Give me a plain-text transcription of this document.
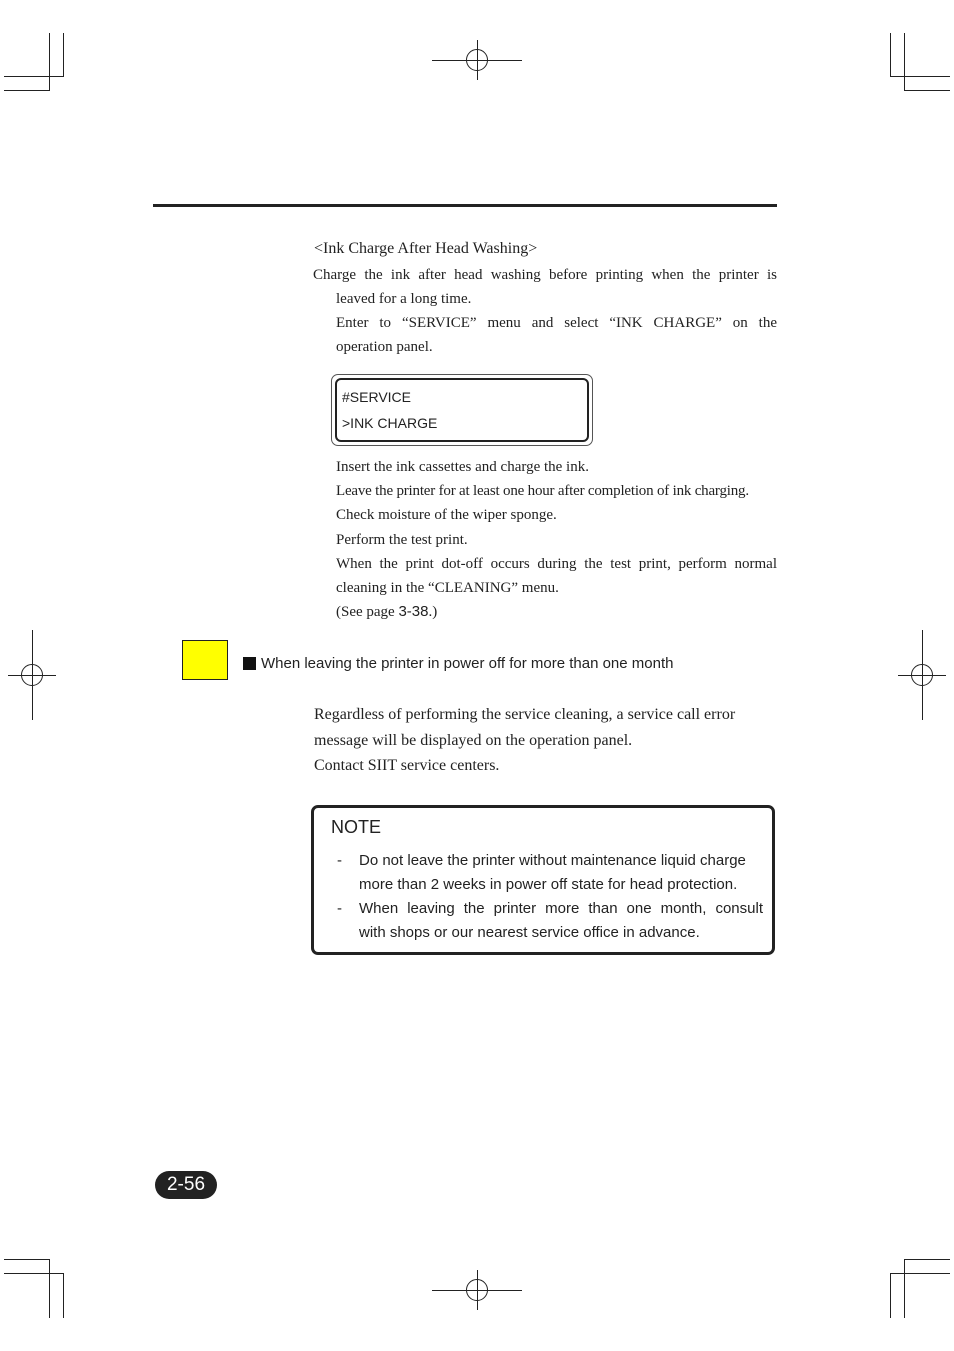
<Ink Charge After Head Washing>
Charge the ink after head washing before printing when the printer is
leaved for a long time.
Enter to “SERVICE” menu and select “INK CHARGE” on the
operation panel.
#SERVICE
>INK CHARGE
Insert the ink cassettes and charge the ink.
Leave the printer for at least one hour after completion of ink charging.
Check moisture of the wiper sponge.
Perform the test print.
When the print dot-off occurs during the test print, perform normal
cleaning in the “CLEANING” menu.
(See page 3-38.)
When leaving the printer in power off for more than one month
Regardless of performing the service cleaning, a service call error
message will be displayed on the operation panel.
Contact SIIT service centers.
NOTE
- Do not leave the printer without maintenance liquid charge
more than 2 weeks in power off state for head protection.
- When leaving the printer more than one month, consult
with shops or our nearest service office in advance.
2-56
